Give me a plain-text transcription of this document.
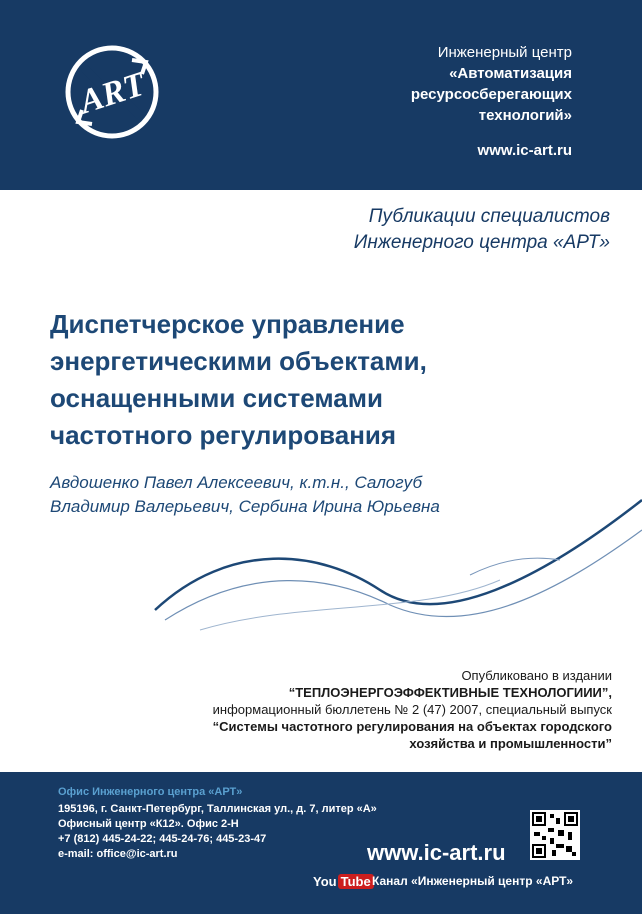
ART
Инженерный центр
«Автоматизация
ресурсосберегающих
технологий»
www.ic-art.ru
Публикации специалистов
Инженерного центра «АРТ»
Диспетчерское управление
энергетическими объектами,
оснащенными системами
частотного регулирования
Авдошенко Павел Алексеевич, к.т.н., Салогуб
Владимир Валерьевич, Сербина Ирина Юрьевна
Опубликовано в издании
“ТЕПЛОЭНЕРГОЭФФЕКТИВНЫЕ ТЕХНОЛОГИИИ”,
информационный бюллетень № 2 (47) 2007, специальный выпуск
“Системы частотного регулирования на объектах городского
хозяйства и промышленности”
Офис Инженерного центра «АРТ»
195196, г. Санкт-Петербург, Таллинская ул., д. 7, литер «А»
Офисный центр «К12». Офис 2-Н
+7 (812) 445-24-22; 445-24-76; 445-23-47
e-mail: office@ic-art.ru	www.ic-art.ru
You Tube Канал «Инженерный центр «АРТ»
